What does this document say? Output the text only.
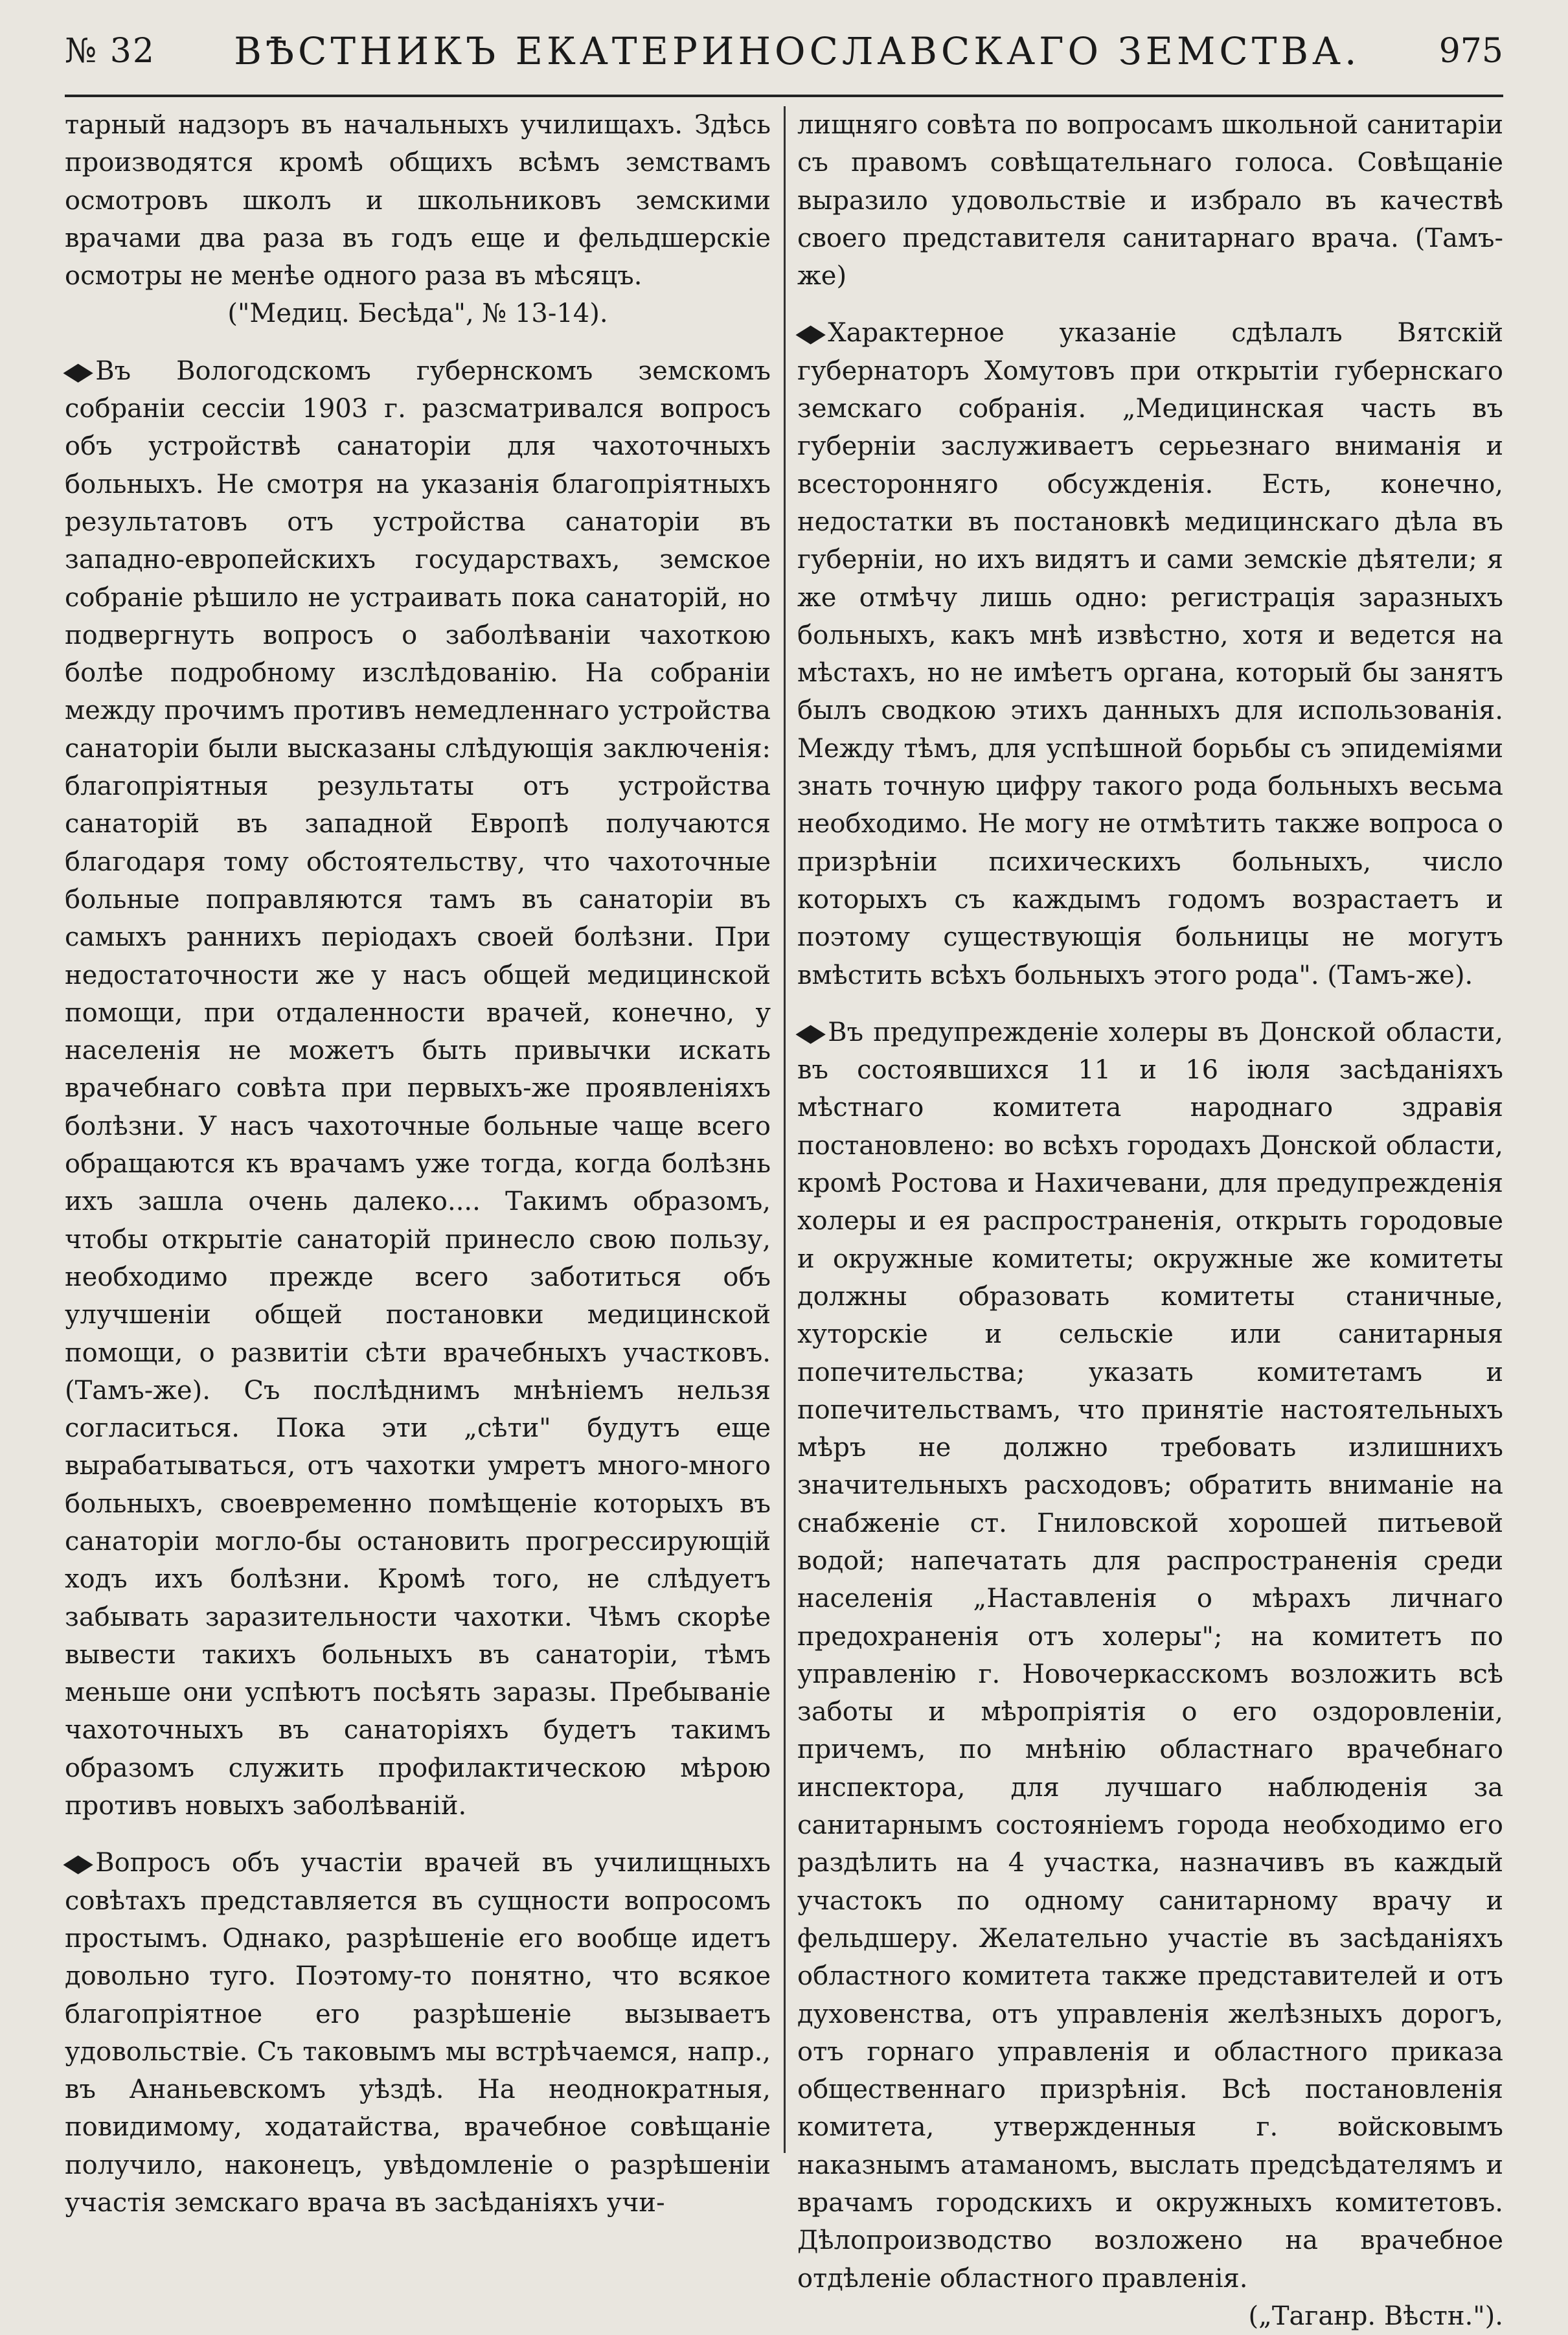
№ 32 ВѢСТНИКЪ ЕКАТЕРИНОСЛАВСКАГО ЗЕМСТВА. 975

тарный надзоръ въ начальныхъ училищахъ. Здѣсь производятся кромѣ общихъ всѣмъ земствамъ осмотровъ школъ и школьниковъ земскими врачами два раза въ годъ еще и фельдшерскіе осмотры не менѣе одного раза въ мѣсяцъ.

("Медиц. Бесѣда", № 13-14).

◆Въ Вологодскомъ губернскомъ земскомъ собраніи сессіи 1903 г. разсматривался вопросъ объ устройствѣ санаторіи для чахоточныхъ больныхъ. Не смотря на указанія благопріятныхъ результатовъ отъ устройства санаторіи въ западно-европейскихъ государствахъ, земское собраніе рѣшило не устраивать пока санаторій, но подвергнуть вопросъ о заболѣваніи чахоткою болѣе подробному изслѣдованію. На собраніи между прочимъ противъ немедленнаго устройства санаторіи были высказаны слѣдующія заключенія: благопріятныя результаты отъ устройства санаторій въ западной Европѣ получаются благодаря тому обстоятельству, что чахоточные больные поправляются тамъ въ санаторіи въ самыхъ раннихъ періодахъ своей болѣзни. При недостаточности же у насъ общей медицинской помощи, при отдаленности врачей, конечно, у населенія не можетъ быть привычки искать врачебнаго совѣта при первыхъ-же проявленіяхъ болѣзни. У насъ чахоточные больные чаще всего обращаются къ врачамъ уже тогда, когда болѣзнь ихъ зашла очень далеко.... Такимъ образомъ, чтобы открытіе санаторій принесло свою пользу, необходимо прежде всего заботиться объ улучшеніи общей постановки медицинской помощи, о развитіи сѣти врачебныхъ участковъ. (Тамъ-же). Съ послѣднимъ мнѣніемъ нельзя согласиться. Пока эти „сѣти" будутъ еще вырабатываться, отъ чахотки умретъ много-много больныхъ, своевременно помѣщеніе которыхъ въ санаторіи могло-бы остановить прогрессирующій ходъ ихъ болѣзни. Кромѣ того, не слѣдуетъ забывать заразительности чахотки. Чѣмъ скорѣе вывести такихъ больныхъ въ санаторіи, тѣмъ меньше они успѣютъ посѣять заразы. Пребываніе чахоточныхъ въ санаторіяхъ будетъ такимъ образомъ служить профилактическою мѣрою противъ новыхъ заболѣваній.

◆Вопросъ объ участіи врачей въ училищныхъ совѣтахъ представляется въ сущности вопросомъ простымъ. Однако, разрѣшеніе его вообще идетъ довольно туго. Поэтому-то понятно, что всякое благопріятное его разрѣшеніе вызываетъ удовольствіе. Съ таковымъ мы встрѣчаемся, напр., въ Ананьевскомъ уѣздѣ. На неоднократныя, повидимому, ходатайства, врачебное совѣщаніе получило, наконецъ, увѣдомленіе о разрѣшеніи участія земскаго врача въ засѣданіяхъ учи-

лищняго совѣта по вопросамъ школьной санитаріи съ правомъ совѣщательнаго голоса. Совѣщаніе выразило удовольствіе и избрало въ качествѣ своего представителя санитарнаго врача. (Тамъ-же)

◆Характерное указаніе сдѣлалъ Вятскій губернаторъ Хомутовъ при открытіи губернскаго земскаго собранія. „Медицинская часть въ губерніи заслуживаетъ серьезнаго вниманія и всесторонняго обсужденія. Есть, конечно, недостатки въ постановкѣ медицинскаго дѣла въ губерніи, но ихъ видятъ и сами земскіе дѣятели; я же отмѣчу лишь одно: регистрація заразныхъ больныхъ, какъ мнѣ извѣстно, хотя и ведется на мѣстахъ, но не имѣетъ органа, который бы занятъ былъ сводкою этихъ данныхъ для использованія. Между тѣмъ, для успѣшной борьбы съ эпидеміями знать точную цифру такого рода больныхъ весьма необходимо. Не могу не отмѣтить также вопроса о призрѣніи психическихъ больныхъ, число которыхъ съ каждымъ годомъ возрастаетъ и поэтому существующія больницы не могутъ вмѣстить всѣхъ больныхъ этого рода". (Тамъ-же).

◆Въ предупрежденіе холеры въ Донской области, въ состоявшихся 11 и 16 іюля засѣданіяхъ мѣстнаго комитета народнаго здравія постановлено: во всѣхъ городахъ Донской области, кромѣ Ростова и Нахичевани, для предупрежденія холеры и ея распространенія, открыть городовые и окружные комитеты; окружные же комитеты должны образовать комитеты станичные, хуторскіе и сельскіе или санитарныя попечительства; указать комитетамъ и попечительствамъ, что принятіе настоятельныхъ мѣръ не должно требовать излишнихъ значительныхъ расходовъ; обратить вниманіе на снабженіе ст. Гниловской хорошей питьевой водой; напечатать для распространенія среди населенія „Наставленія о мѣрахъ личнаго предохраненія отъ холеры"; на комитетъ по управленію г. Новочеркасскомъ возложить всѣ заботы и мѣропріятія о его оздоровленіи, причемъ, по мнѣнію областнаго врачебнаго инспектора, для лучшаго наблюденія за санитарнымъ состояніемъ города необходимо его раздѣлить на 4 участка, назначивъ въ каждый участокъ по одному санитарному врачу и фельдшеру. Желательно участіе въ засѣданіяхъ областного комитета также представителей и отъ духовенства, отъ управленія желѣзныхъ дорогъ, отъ горнаго управленія и областного приказа общественнаго призрѣнія. Всѣ постановленія комитета, утвержденныя г. войсковымъ наказнымъ атаманомъ, выслать предсѣдателямъ и врачамъ городскихъ и окружныхъ комитетовъ. Дѣлопроизводство возложено на врачебное отдѣленіе областного правленія.

(„Таганр. Вѣстн.").
